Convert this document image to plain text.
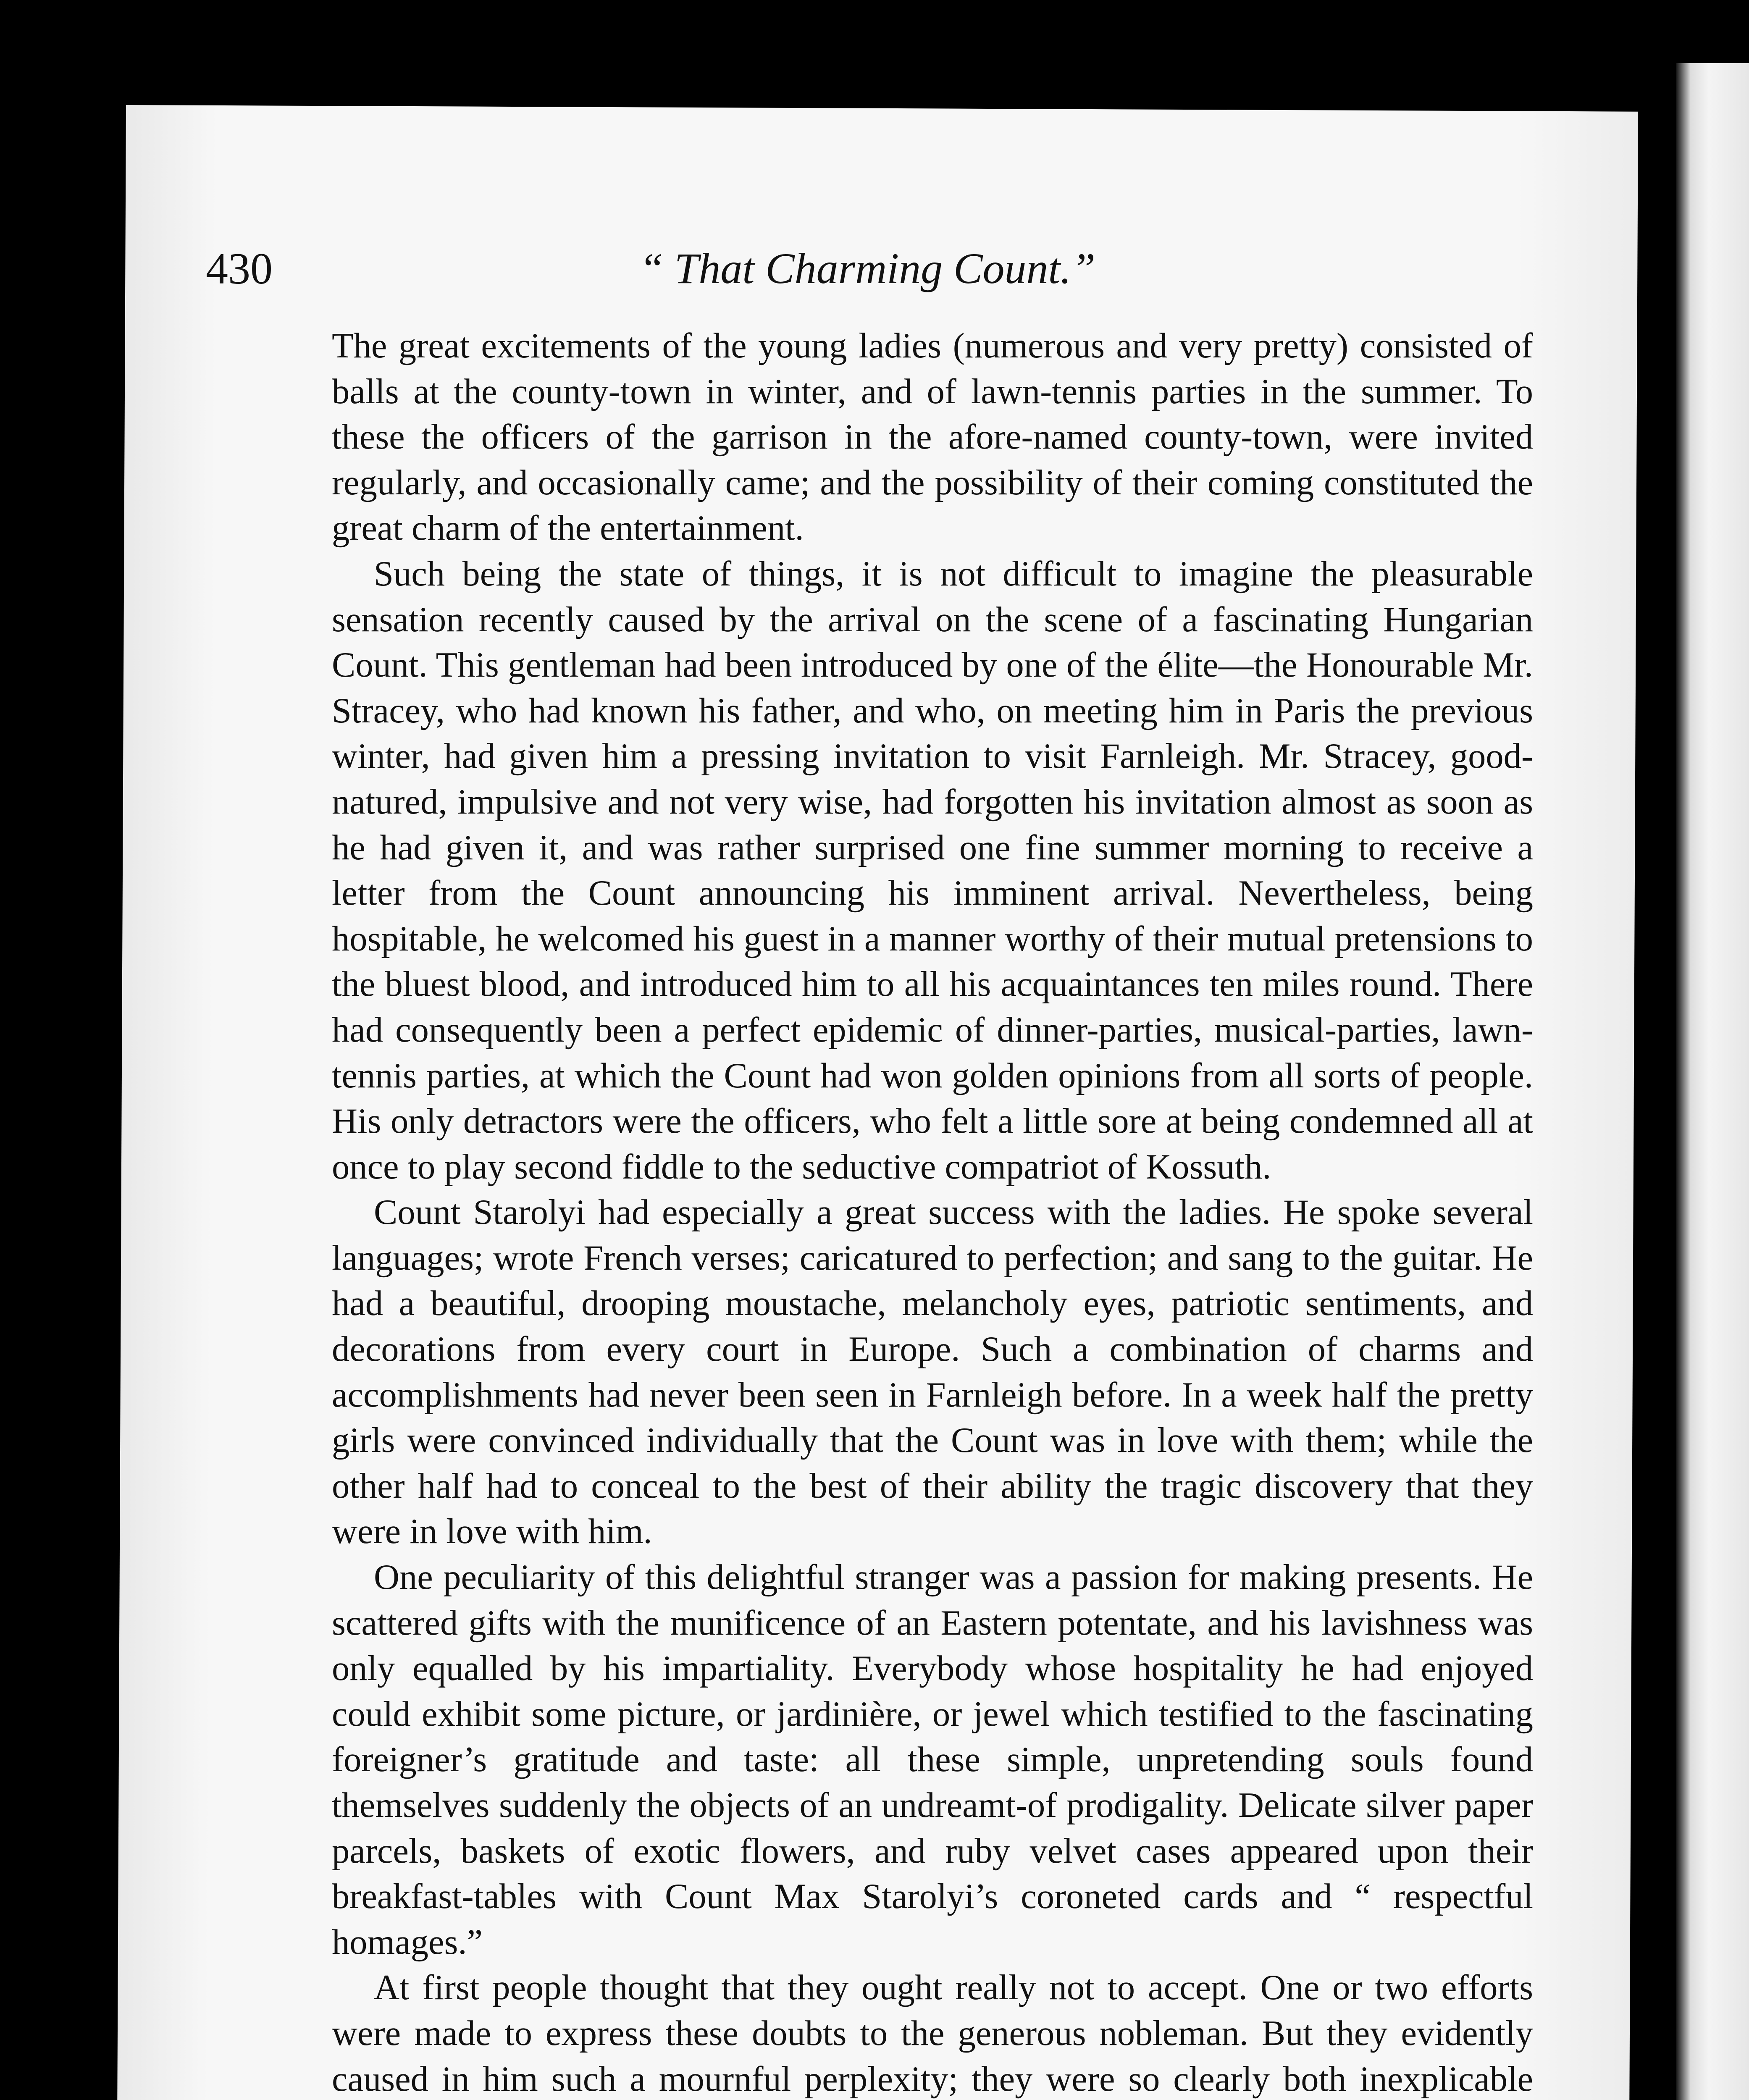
430	“ That Charming Count.”

The great excitements of the young ladies (numerous and very pretty) consisted of balls at the county-town in winter, and of lawn-tennis parties in the summer. To these the officers of the garrison in the afore-named county-town, were invited regularly, and occasionally came; and the possibility of their coming constituted the great charm of the entertainment.

Such being the state of things, it is not difficult to imagine the pleasurable sensation recently caused by the arrival on the scene of a fascinating Hungarian Count. This gentleman had been introduced by one of the élite—the Honourable Mr. Stracey, who had known his father, and who, on meeting him in Paris the previous winter, had given him a pressing invitation to visit Farnleigh. Mr. Stracey, good-natured, impulsive and not very wise, had forgotten his invitation almost as soon as he had given it, and was rather surprised one fine summer morning to receive a letter from the Count announcing his imminent arrival. Nevertheless, being hospitable, he welcomed his guest in a manner worthy of their mutual pretensions to the bluest blood, and introduced him to all his acquaintances ten miles round. There had consequently been a perfect epidemic of dinner-parties, musical-parties, lawn-tennis parties, at which the Count had won golden opinions from all sorts of people. His only detractors were the officers, who felt a little sore at being condemned all at once to play second fiddle to the seductive compatriot of Kossuth.

Count Starolyi had especially a great success with the ladies. He spoke several languages; wrote French verses; caricatured to perfection; and sang to the guitar. He had a beautiful, drooping moustache, melancholy eyes, patriotic sentiments, and decorations from every court in Europe. Such a combination of charms and accomplishments had never been seen in Farnleigh before. In a week half the pretty girls were convinced individually that the Count was in love with them; while the other half had to conceal to the best of their ability the tragic discovery that they were in love with him.

One peculiarity of this delightful stranger was a passion for making presents. He scattered gifts with the munificence of an Eastern potentate, and his lavishness was only equalled by his impartiality. Everybody whose hospitality he had enjoyed could exhibit some picture, or jardinière, or jewel which testified to the fascinating foreigner’s gratitude and taste: all these simple, unpretending souls found themselves suddenly the objects of an undreamt-of prodigality. Delicate silver paper parcels, baskets of exotic flowers, and ruby velvet cases appeared upon their breakfast-tables with Count Max Starolyi’s coroneted cards and “ respectful homages.”

At first people thought that they ought really not to accept. One or two efforts were made to express these doubts to the generous nobleman. But they evidently caused in him such a mournful perplexity; they were so clearly both inexplicable
